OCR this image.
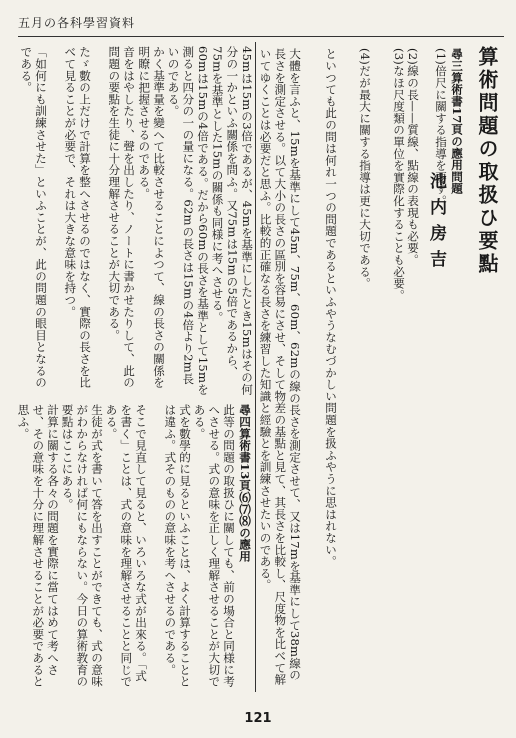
五月の各科學習資料
算術問題の取扱ひ要點
池内房吉
尋三算術書17頁の應用問題
(1)倍尺に關する指導を要す。
(2)線の長——質線、點線の表現も必要。
(3)なほ尺度類の單位を實際化することも必要。
(4)だが最大に關する指導は更に大切である。
といつても此の問は何れ一つの問題であるといふやうなむづかしい問題を扱ふやうに思はれない。
大體を言ふと、15mを基準にして45m、75m、60m、62mの線の長さを測定させて、又は17mを基準にして38m線の長さを測定させる。以て大小の長さの區別を容易にさせ、そして物差の基點と見て、其長さを比較し、尺度物を比べて解いてゆくことは必要だと思ふ。比較的正確なる長さを練習した知識と經驗とを訓練させたいのである。
45mは15mの3倍であるが、45mを基準にしたとき15mはその何分の一かといふ關係を問ふ。又75mは15mの5倍であるから、75mを基準とした15mの關係も同様に考へさせる。
60mは15mの4倍である。だから60mの長さを基準として15mを測ると四分の一の量になる。62mの長さは15mの4倍より2m長いのである。
かく基準量を變へて比較させることによつて、線の長さの關係を明瞭に把握させるのである。
音をはやしたり、聲を出したり、ノートに書かせたりして、此の問題の要點を生徒に十分理解させることが大切である。
たゞ數の上だけで計算を整へさせるのではなく、實際の長さを比べて見ることが必要で、それは大きな意味を持つ。
「如何にも訓練させた」といふことが、此の問題の眼目となるのである。
尋四算術書13頁⑹⑺⑻の應用
此等の問題の取扱ひに關しても、前の場合と同様に考へさせる。式の意味を正しく理解させることが大切である。
式を數學的に見るといふことは、よく計算することとは違ふ。式そのものの意味を考へさせるのである。
そこで見直して見ると、いろいろな式が出來る。「式を書く」ことは、式の意味を理解させることと同じである。
生徒が式を書いて答を出すことができても、式の意味がわからなければ何にもならない。今日の算術教育の要點はここにある。
計算に關する各々の問題を實際に當てはめて考へさせ、その意味を十分に理解させることが必要であると思ふ。
121
